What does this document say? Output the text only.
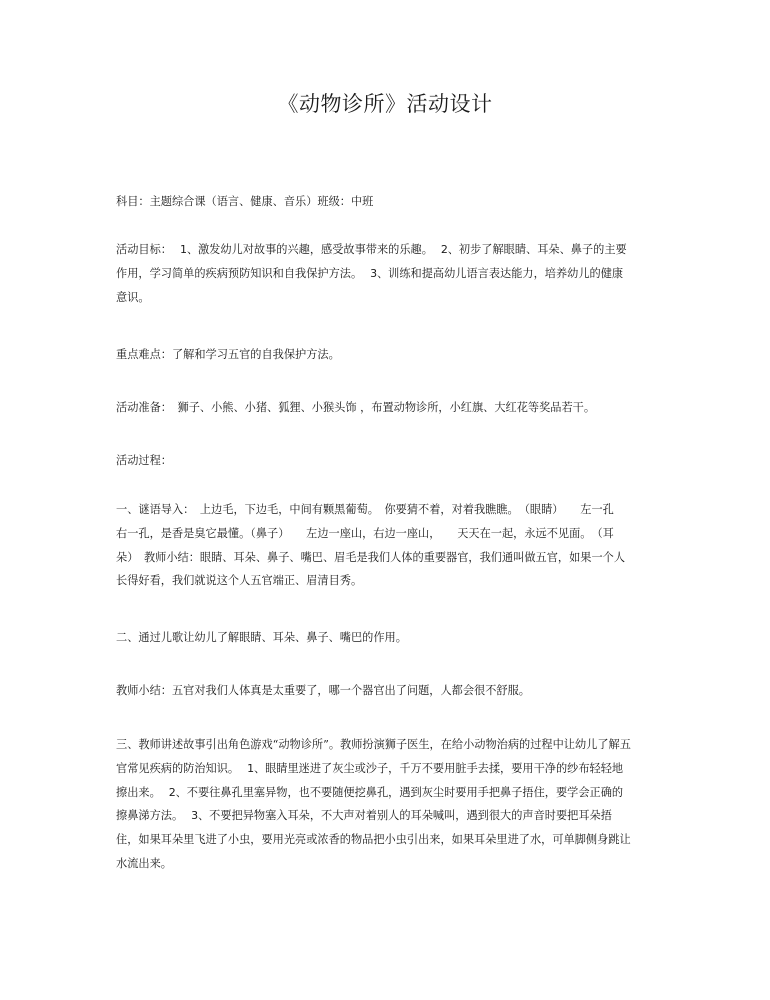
《动物诊所》活动设计

科目：主题综合课（语言、健康、音乐）班级：中班

活动目标： 1、激发幼儿对故事的兴趣，感受故事带来的乐趣。 2、初步了解眼睛、耳朵、鼻子的主要
作用，学习简单的疾病预防知识和自我保护方法。 3、训练和提高幼儿语言表达能力，培养幼儿的健康
意识。

重点难点：了解和学习五官的自我保护方法。

活动准备：　狮子、小熊、小猪、狐狸、小猴头饰 ，布置动物诊所，小红旗、大红花等奖品若干。

活动过程：

一、谜语导入：　上边毛，下边毛，中间有颗黑葡萄。　你要猜不着，对着我瞧瞧。　（眼睛）　　左一孔
右一孔，是香是臭它最懂。（鼻子）　　左边一座山，右边一座山，　　天天在一起，永远不见面。　（耳
朵）　教师小结：眼睛、耳朵、鼻子、嘴巴、眉毛是我们人体的重要器官，我们通叫做五官，如果一个人
长得好看，我们就说这个人五官端正、眉清目秀。

二、通过儿歌让幼儿了解眼睛、耳朵、鼻子、嘴巴的作用。

教师小结：五官对我们人体真是太重要了，哪一个器官出了问题，人都会很不舒服。

三、教师讲述故事引出角色游戏“动物诊所”。教师扮演狮子医生，在给小动物治病的过程中让幼儿了解五
官常见疾病的防治知识。 1、眼睛里迷进了灰尘或沙子，千万不要用脏手去揉，要用干净的纱布轻轻地
擦出来。 2、不要往鼻孔里塞异物，也不要随便挖鼻孔，遇到灰尘时要用手把鼻子捂住，要学会正确的
擦鼻涕方法。 3、不要把异物塞入耳朵，不大声对着别人的耳朵喊叫，遇到很大的声音时要把耳朵捂
住，如果耳朵里飞进了小虫，要用光亮或浓香的物品把小虫引出来，如果耳朵里进了水，可单脚侧身跳让
水流出来。
